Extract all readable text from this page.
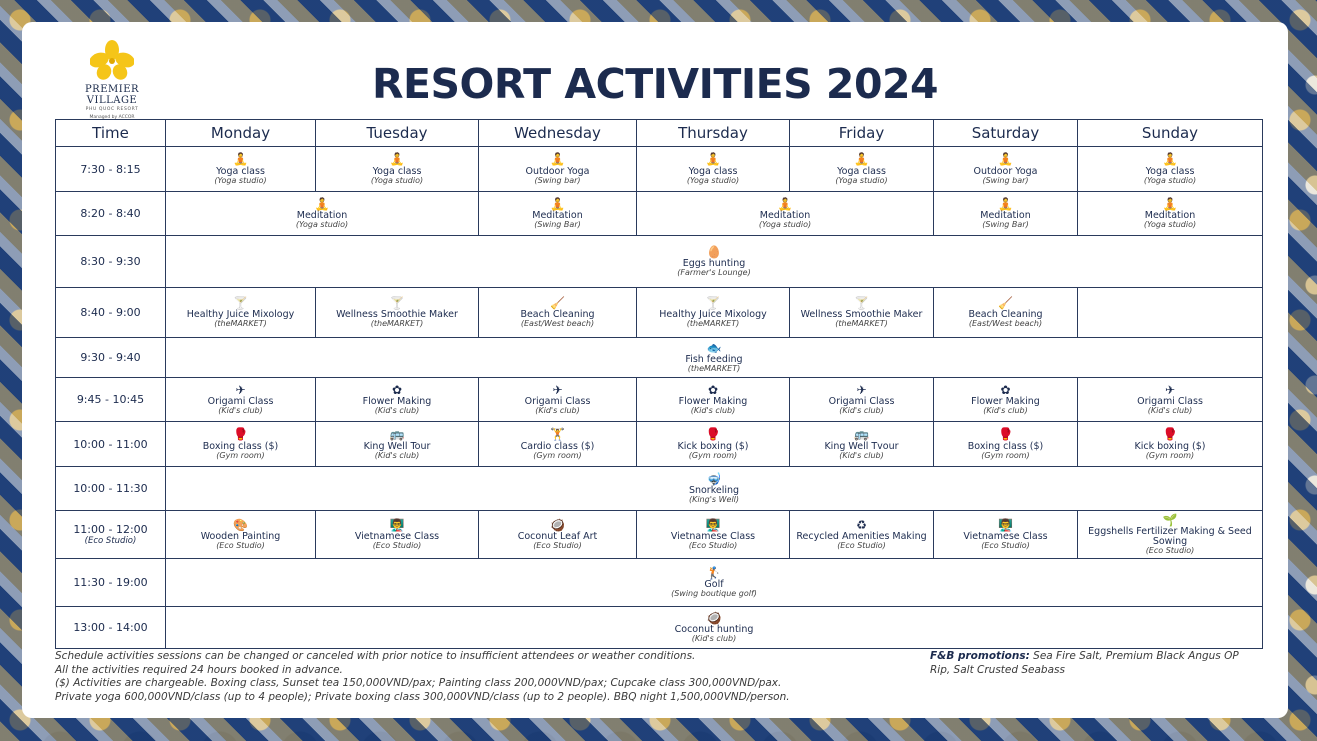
PREMIER VILLAGE
PHU QUOC RESORT
Managed by ACCOR
RESORT ACTIVITIES 2024
Time	Monday	Tuesday	Wednesday	Thursday	Friday	Saturday	Sunday
7:30 - 8:15	🧘
Yoga class
(Yoga studio)	🧘
Yoga class
(Yoga studio)	🧘
Outdoor Yoga
(Swing bar)	🧘
Yoga class
(Yoga studio)	🧘
Yoga class
(Yoga studio)	🧘
Outdoor Yoga
(Swing bar)	🧘
Yoga class
(Yoga studio)

8:20 - 8:40	🧘
Meditation
(Yoga studio)		🧘
Meditation
(Swing Bar)	🧘
Meditation
(Yoga studio)		🧘
Meditation
(Swing Bar)	🧘
Meditation
(Yoga studio)

8:30 - 9:30	🥚
Eggs hunting
(Farmer's Lounge)						

8:40 - 9:00	🍸
Healthy Juice Mixology
(theMARKET)	🍸
Wellness Smoothie Maker
(theMARKET)	🧹
Beach Cleaning
(East/West beach)	🍸
Healthy Juice Mixology
(theMARKET)	🍸
Wellness Smoothie Maker
(theMARKET)	🧹
Beach Cleaning
(East/West beach)	

9:30 - 9:40	🐟
Fish feeding
(theMARKET)						

9:45 - 10:45	✈
Origami Class
(Kid's club)	✿
Flower Making
(Kid's club)	✈
Origami Class
(Kid's club)	✿
Flower Making
(Kid's club)	✈
Origami Class
(Kid's club)	✿
Flower Making
(Kid's club)	✈
Origami Class
(Kid's club)

10:00 - 11:00	🥊
Boxing class ($)
(Gym room)	🚌
King Well Tour
(Kid's club)	🏋
Cardio class ($)
(Gym room)	🥊
Kick boxing ($)
(Gym room)	🚌
King Well Tvour
(Kid's club)	🥊
Boxing class ($)
(Gym room)	🥊
Kick boxing ($)
(Gym room)

10:00 - 11:30	🤿
Snorkeling
(King's Well)						

11:00 - 12:00
(Eco Studio)	🎨
Wooden Painting
(Eco Studio)	👨‍🏫
Vietnamese Class
(Eco Studio)	🥥
Coconut Leaf Art
(Eco Studio)	👨‍🏫
Vietnamese Class
(Eco Studio)	♻
Recycled Amenities Making
(Eco Studio)	👨‍🏫
Vietnamese Class
(Eco Studio)	🌱
Eggshells Fertilizer Making & Seed Sowing
(Eco Studio)

11:30 - 19:00	🏌
Golf
(Swing boutique golf)						

13:00 - 14:00	🥥
Coconut hunting
(Kid's club)						
Schedule activities sessions can be changed or canceled with prior notice to insufficient attendees or weather conditions.
All the activities required 24 hours booked in advance.
($) Activities are chargeable. Boxing class, Sunset tea 150,000VND/pax; Painting class 200,000VND/pax; Cupcake class 300,000VND/pax.
Private yoga 600,000VND/class (up to 4 people); Private boxing class 300,000VND/class (up to 2 people). BBQ night 1,500,000VND/person.
F&B promotions: Sea Fire Salt, Premium Black Angus OP Rip, Salt Crusted Seabass
